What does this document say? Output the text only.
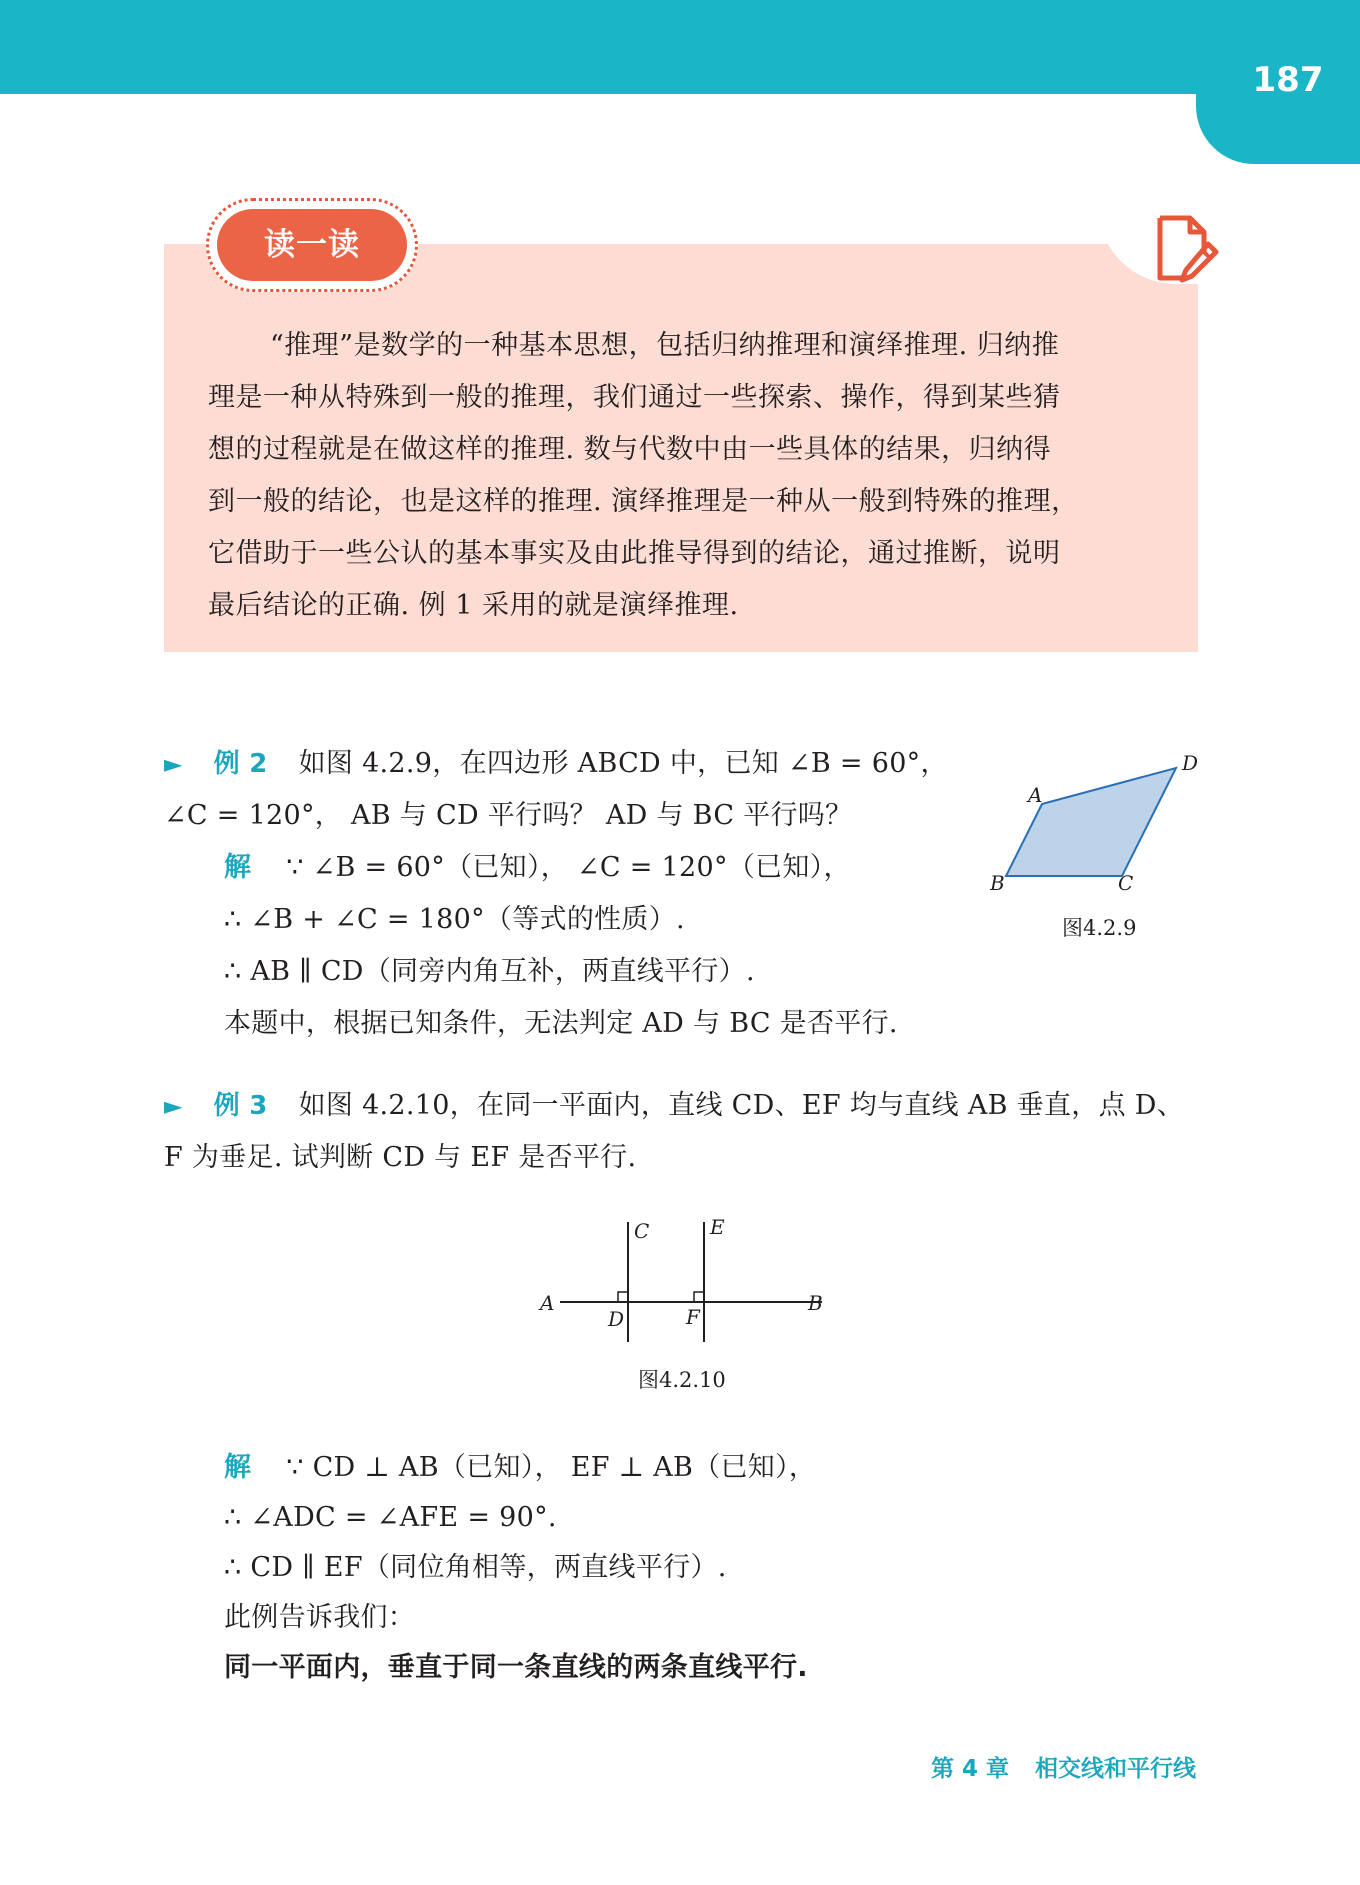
187
读一读
“推理”是数学的一种基本思想，包括归纳推理和演绎推理. 归纳推
理是一种从特殊到一般的推理，我们通过一些探索、操作，得到某些猜
想的过程就是在做这样的推理. 数与代数中由一些具体的结果，归纳得
到一般的结论，也是这样的推理. 演绎推理是一种从一般到特殊的推理，
它借助于一些公认的基本事实及由此推导得到的结论，通过推断，说明
最后结论的正确. 例 1 采用的就是演绎推理.
► 例 2 如图 4.2.9，在四边形 ABCD 中，已知 ∠B = 60°，
∠C = 120°， AB 与 CD 平行吗？ AD 与 BC 平行吗？
解 ∵ ∠B = 60°（已知）， ∠C = 120°（已知），
∴ ∠B + ∠C = 180°（等式的性质）.
∴ AB ∥ CD（同旁内角互补，两直线平行）.
本题中，根据已知条件，无法判定 AD 与 BC 是否平行.
A
D
B	C
图4.2.9
► 例 3 如图 4.2.10，在同一平面内，直线 CD、EF 均与直线 AB 垂直，点 D、
F 为垂足. 试判断 CD 与 EF 是否平行.
A	B
C	E
D	F
图4.2.10
解 ∵ CD ⊥ AB（已知）， EF ⊥ AB（已知），
∴ ∠ADC = ∠AFE = 90°.
∴ CD ∥ EF（同位角相等，两直线平行）.
此例告诉我们：
同一平面内，垂直于同一条直线的两条直线平行.
第 4 章 相交线和平行线
